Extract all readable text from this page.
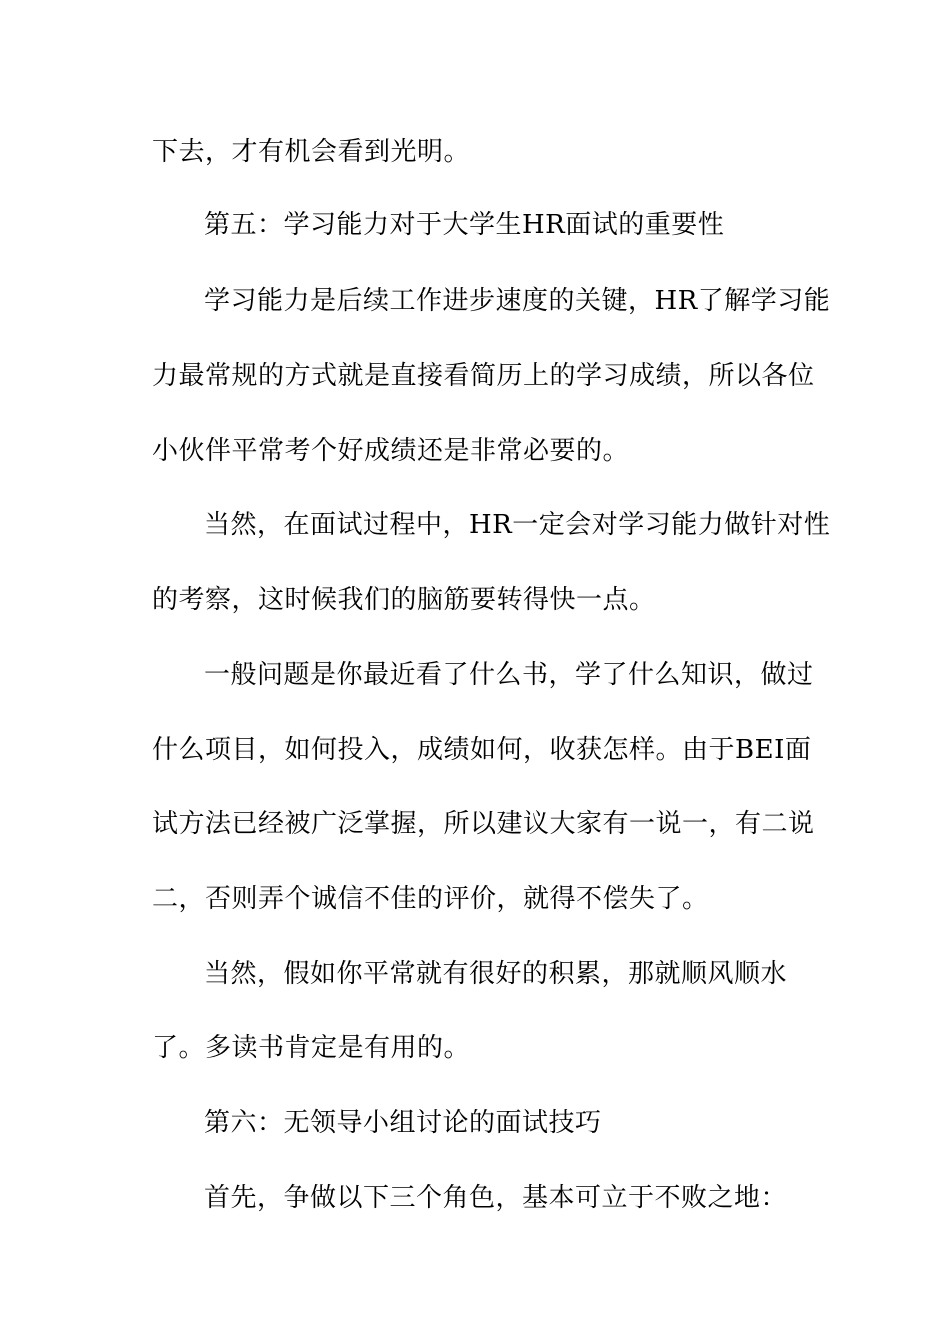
下去，才有机会看到光明。
第五：学习能力对于大学生HR面试的重要性
学习能力是后续工作进步速度的关键，HR了解学习能
力最常规的方式就是直接看简历上的学习成绩，所以各位
小伙伴平常考个好成绩还是非常必要的。
当然，在面试过程中，HR一定会对学习能力做针对性
的考察，这时候我们的脑筋要转得快一点。
一般问题是你最近看了什么书，学了什么知识，做过
什么项目，如何投入，成绩如何，收获怎样。由于BEI面
试方法已经被广泛掌握，所以建议大家有一说一，有二说
二，否则弄个诚信不佳的评价，就得不偿失了。
当然，假如你平常就有很好的积累，那就顺风顺水
了。多读书肯定是有用的。
第六：无领导小组讨论的面试技巧
首先，争做以下三个角色，基本可立于不败之地：
